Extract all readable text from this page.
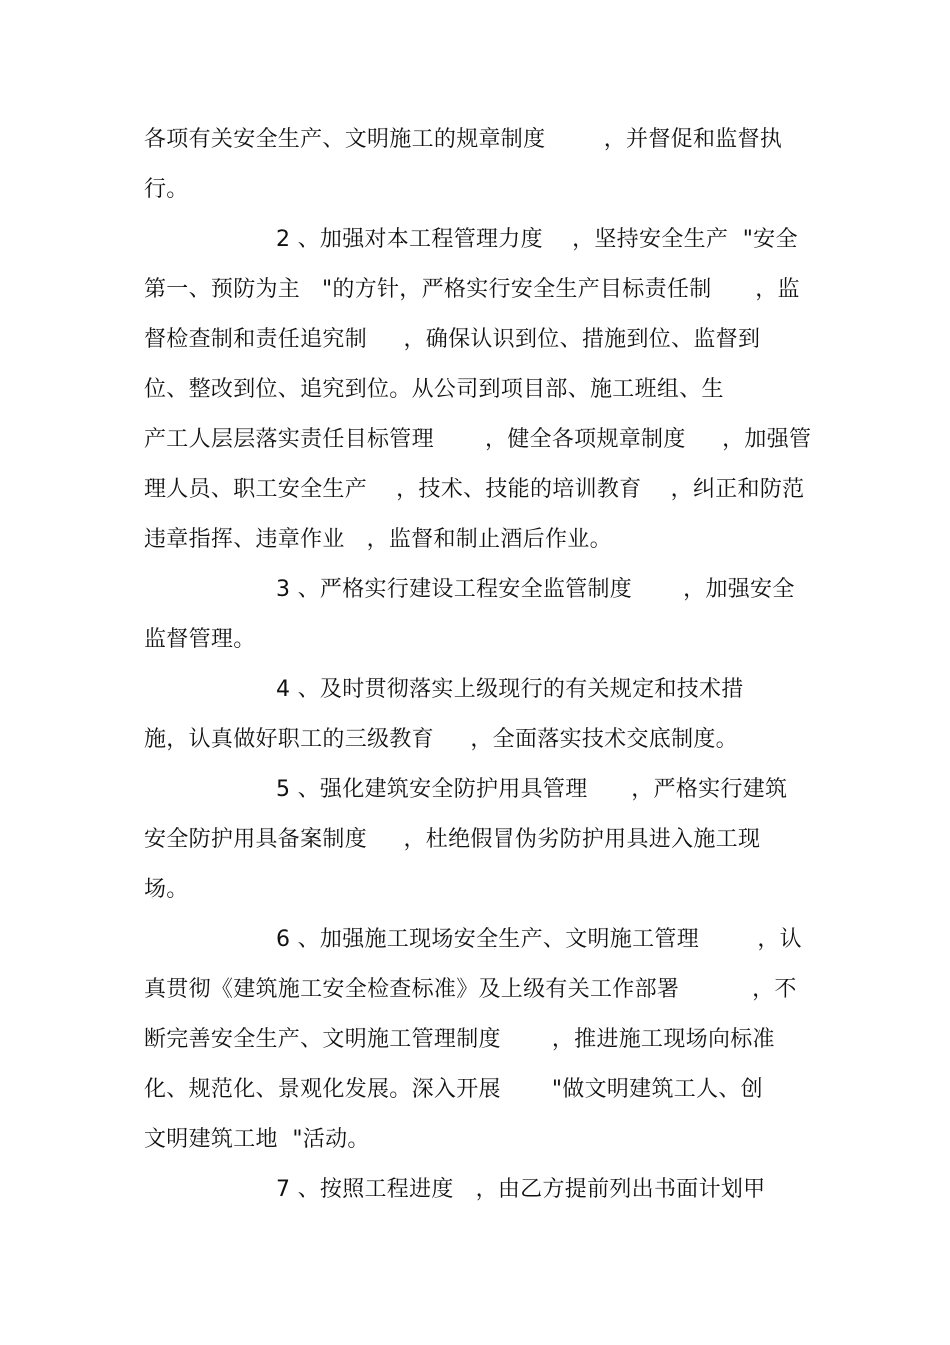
各项有关安全生产、文明施工的规章制度        ，并督促和监督执
行。
2 、加强对本工程管理力度    ，坚持安全生产  "安全
第一、预防为主   "的方针，严格实行安全生产目标责任制      ，监
督检查制和责任追究制     ，确保认识到位、措施到位、监督到
位、整改到位、追究到位。从公司到项目部、施工班组、生
产工人层层落实责任目标管理       ，健全各项规章制度     ，加强管
理人员、职工安全生产    ，技术、技能的培训教育    ，纠正和防范
违章指挥、违章作业   ，监督和制止酒后作业。
3 、严格实行建设工程安全监管制度       ，加强安全
监督管理。
4 、及时贯彻落实上级现行的有关规定和技术措
施，认真做好职工的三级教育     ，全面落实技术交底制度。
5 、强化建筑安全防护用具管理      ，严格实行建筑
安全防护用具备案制度     ，杜绝假冒伪劣防护用具进入施工现
场。
6 、加强施工现场安全生产、文明施工管理        ，认
真贯彻《建筑施工安全检查标准》及上级有关工作部署          ，不
断完善安全生产、文明施工管理制度       ，推进施工现场向标准
化、规范化、景观化发展。深入开展       "做文明建筑工人、创
文明建筑工地  "活动。
7 、按照工程进度   ，由乙方提前列出书面计划甲
